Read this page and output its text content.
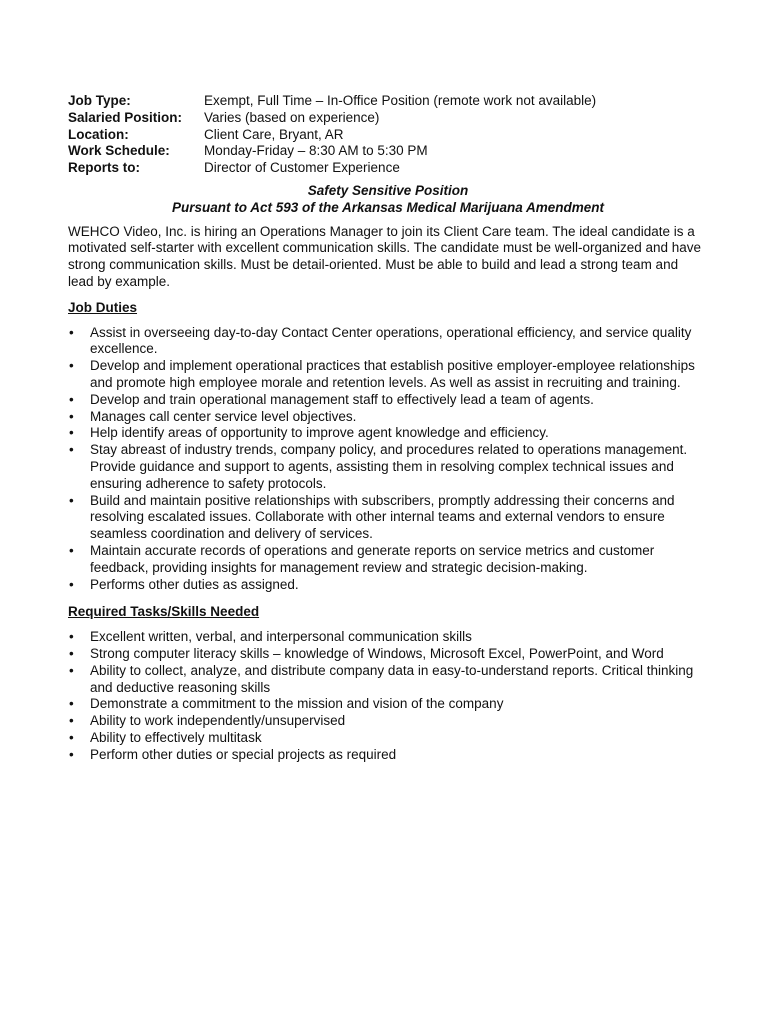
Job Type:	Exempt, Full Time – In-Office Position (remote work not available)
Salaried Position:	Varies (based on experience)
Location:	Client Care, Bryant, AR
Work Schedule:	Monday-Friday – 8:30 AM to 5:30 PM
Reports to:	Director of Customer Experience
Safety Sensitive Position
Pursuant to Act 593 of the Arkansas Medical Marijuana Amendment

WEHCO Video, Inc. is hiring an Operations Manager to join its Client Care team. The ideal candidate is a motivated self-starter with excellent communication skills. The candidate must be well-organized and have strong communication skills. Must be detail-oriented. Must be able to build and lead a strong team and lead by example.

Job Duties
• Assist in overseeing day-to-day Contact Center operations, operational efficiency, and service quality excellence.
• Develop and implement operational practices that establish positive employer-employee relationships and promote high employee morale and retention levels. As well as assist in recruiting and training.
• Develop and train operational management staff to effectively lead a team of agents.
• Manages call center service level objectives.
• Help identify areas of opportunity to improve agent knowledge and efficiency.
• Stay abreast of industry trends, company policy, and procedures related to operations management. Provide guidance and support to agents, assisting them in resolving complex technical issues and ensuring adherence to safety protocols.
• Build and maintain positive relationships with subscribers, promptly addressing their concerns and resolving escalated issues. Collaborate with other internal teams and external vendors to ensure seamless coordination and delivery of services.
• Maintain accurate records of operations and generate reports on service metrics and customer feedback, providing insights for management review and strategic decision-making.
• Performs other duties as assigned.
Required Tasks/Skills Needed
• Excellent written, verbal, and interpersonal communication skills
• Strong computer literacy skills – knowledge of Windows, Microsoft Excel, PowerPoint, and Word
• Ability to collect, analyze, and distribute company data in easy-to-understand reports. Critical thinking and deductive reasoning skills
• Demonstrate a commitment to the mission and vision of the company
• Ability to work independently/unsupervised
• Ability to effectively multitask
• Perform other duties or special projects as required
